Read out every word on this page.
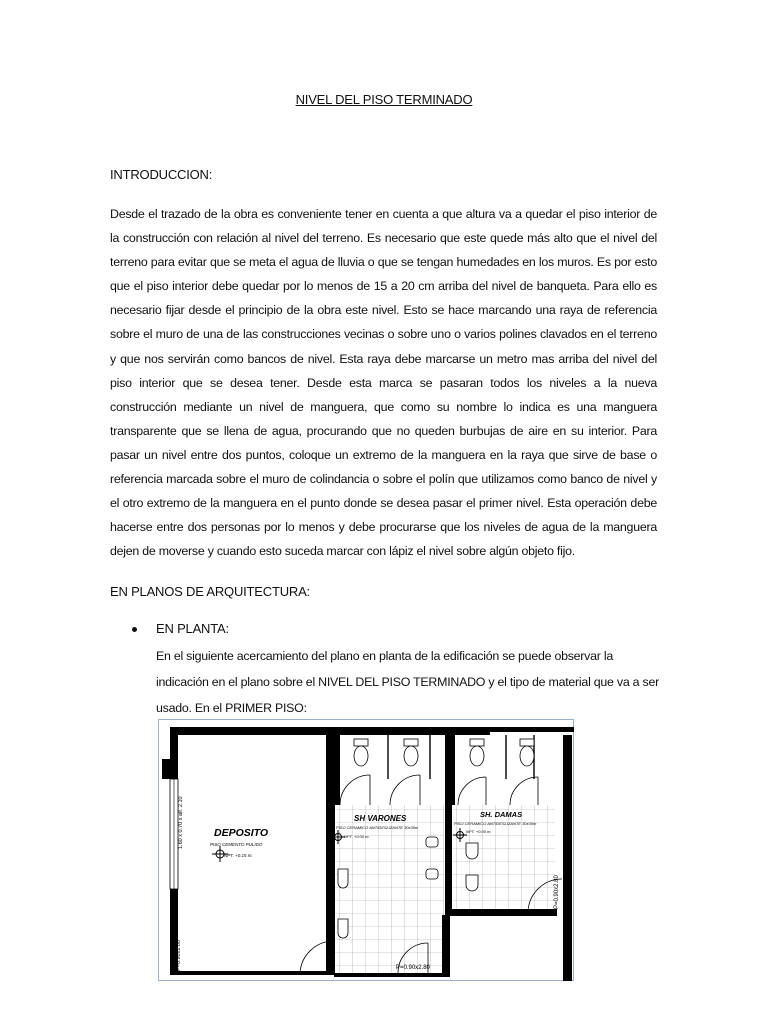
NIVEL DEL PISO TERMINADO
INTRODUCCION:
Desde el trazado de la obra es conveniente tener en cuenta a que altura va a quedar el piso interior de la construcción con relación al nivel del terreno. Es necesario que este quede más alto que el nivel del terreno para evitar que se meta el agua de lluvia o que se tengan humedades en los muros. Es por esto que el piso interior debe quedar por lo menos de 15 a 20 cm arriba del nivel de banqueta. Para ello es necesario fijar desde el principio de la obra este nivel. Esto se hace marcando una raya de referencia sobre el muro de una de las construcciones vecinas o sobre uno o varios polines clavados en el terreno y que nos servirán como bancos de nivel. Esta raya debe marcarse un metro mas arriba del nivel del piso interior que se desea tener. Desde esta marca se pasaran todos los niveles a la nueva construcción mediante un nivel de manguera, que como su nombre lo indica es una manguera transparente que se llena de agua, procurando que no queden burbujas de aire en su interior. Para pasar un nivel entre dos puntos, coloque un extremo de la manguera en la raya que sirve de base o referencia marcada sobre el muro de colindancia o sobre el polín que utilizamos como banco de nivel y el otro extremo de la manguera en el punto donde se desea pasar el primer nivel. Esta operación debe hacerse entre dos personas por lo menos y debe procurarse que los niveles de agua de la manguera dejen de moverse y cuando esto suceda marcar con lápiz el nivel sobre algún objeto fijo.
EN PLANOS DE ARQUITECTURA:
EN PLANTA:
En el siguiente acercamiento del plano en planta de la edificación se puede observar la indicación en el plano sobre el NIVEL DEL PISO TERMINADO y el tipo de material que va a ser usado. En el PRIMER PISO:
DEPOSITO
PISO CEMENTO PULIDO
NPT. +0.15 m.
1.60 x 0.70 x alf. 2.10
P=0.90x2.00
SH VARONES
PISO CERAMICO ANTIDESLIZANTE 30x30m
NPT. +0.00 m.
SH. DAMAS
PISO CERAMICO ANTIDESLIZANTE 30x30m
NPT. +0.00 m.
P=0.90x2.80
P=0.90x2.80
